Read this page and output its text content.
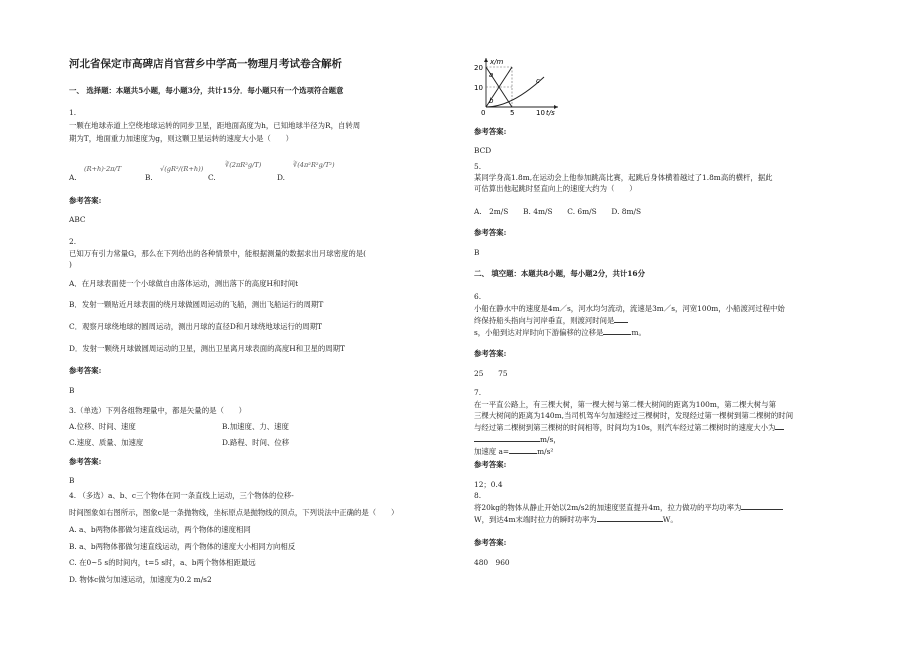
河北省保定市高碑店肖官营乡中学高一物理月考试卷含解析
一、 选择题：本题共5小题，每小题3分，共计15分．每小题只有一个选项符合题意
1.
一颗在地球赤道上空绕地球运转的同步卫星，距地面高度为h，已知地球半径为R，自转周
期为T，地面重力加速度为g，则这颗卫星运转的速度大小是（　　）
A.
(R+h)·2π/T
B.
√(gR²/(R+h))
C.
∛(2πR²g/T)
D.
∛(4π²R²g/T²)
参考答案:
ABC
2.
已知万有引力常量G，那么在下列给出的各种情景中，能根据测量的数据求出月球密度的是(
)
A．在月球表面使一个小球做自由落体运动，测出落下的高度H和时间t
B．发射一颗贴近月球表面的绕月球做圆周运动的飞船，测出飞船运行的周期T
C．观察月球绕地球的圆周运动，测出月球的直径D和月球绕地球运行的周期T
D．发射一颗绕月球做圆周运动的卫星，测出卫星离月球表面的高度H和卫星的周期T
参考答案:
B
3.（单选）下列各组物理量中，都是矢量的是（　　）
A.位移、时间、速度	B.加速度、力、速度
C.速度、质量、加速度	D.路程、时间、位移
参考答案:
B
4. （多选）a、b、c三个物体在同一条直线上运动，三个物体的位移-
时间图象如右图所示，图象c是一条抛物线，坐标原点是抛物线的顶点，下列说法中正确的是（　　）
A. a、b两物体都做匀速直线运动，两个物体的速度相同
B. a、b两物体都做匀速直线运动，两个物体的速度大小相同方向相反
C. 在0~5 s的时间内，t=5 s时，a、b两个物体相距最远
D. 物体c做匀加速运动，加速度为0.2 m/s2
x/m
20
10
0	5	10 t/s
a
b
c
参考答案:
BCD
5.
某同学身高1.8m,在运动会上他参加跳高比赛，起跳后身体横着越过了1.8m高的横杆，据此
可估算出他起跳时竖直向上的速度大约为（　　）
A.　2m/S　　B. 4m/S　　C. 6m/S　　D. 8m/S
参考答案:
B
二、 填空题：本题共8小题，每小题2分，共计16分
6.
小船在静水中的速度是4m／s，河水均匀流动，流速是3m／s，河宽100m，小船渡河过程中始
终保持船头指向与河岸垂直，则渡河时间是
s，小船到达对岸时向下游偏移的泣移是	m。
参考答案:
25　　75
7.
在一平直公路上，有三棵大树，第一棵大树与第二棵大树间的距离为100m，第二棵大树与第
三棵大树间的距离为140m,当司机驾车匀加速经过三棵树时，发现经过第一棵树到第二棵树的时间
与经过第二棵树到第三棵树的时间相等，时间均为10s，则汽车经过第二棵树时的速度大小为
m/s，
加速度 a=	m/s²
参考答案:
12；0.4
8.
将20kg的物体从静止开始以2m/s2的加速度竖直提升4m，拉力做功的平均功率为
W，到达4m末端时拉力的瞬时功率为	W。
参考答案:
480　960
